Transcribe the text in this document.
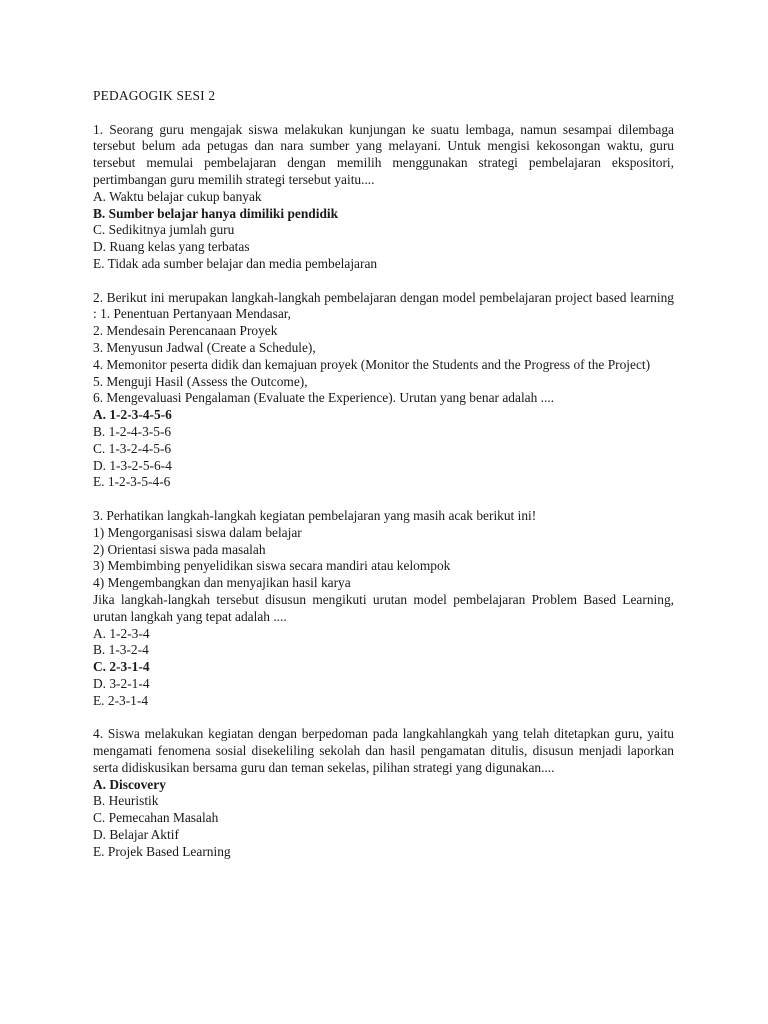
PEDAGOGIK SESI 2

1. Seorang guru mengajak siswa melakukan kunjungan ke suatu lembaga, namun sesampai dilembaga tersebut belum ada petugas dan nara sumber yang melayani. Untuk mengisi kekosongan waktu, guru tersebut memulai pembelajaran dengan memilih menggunakan strategi pembelajaran ekspositori, pertimbangan guru memilih strategi tersebut yaitu....

A. Waktu belajar cukup banyak

B. Sumber belajar hanya dimiliki pendidik

C. Sedikitnya jumlah guru

D. Ruang kelas yang terbatas

E. Tidak ada sumber belajar dan media pembelajaran

2. Berikut ini merupakan langkah-langkah pembelajaran dengan model pembelajaran project based learning : 1. Penentuan Pertanyaan Mendasar,

2. Mendesain Perencanaan Proyek

3. Menyusun Jadwal (Create a Schedule),

4. Memonitor peserta didik dan kemajuan proyek (Monitor the Students and the Progress of the Project)

5. Menguji Hasil (Assess the Outcome),

6. Mengevaluasi Pengalaman (Evaluate the Experience). Urutan yang benar adalah ....

A. 1-2-3-4-5-6

B. 1-2-4-3-5-6

C. 1-3-2-4-5-6

D. 1-3-2-5-6-4

E. 1-2-3-5-4-6

3. Perhatikan langkah-langkah kegiatan pembelajaran yang masih acak berikut ini!

1) Mengorganisasi siswa dalam belajar

2) Orientasi siswa pada masalah

3) Membimbing penyelidikan siswa secara mandiri atau kelompok

4) Mengembangkan dan menyajikan hasil karya

Jika langkah-langkah tersebut disusun mengikuti urutan model pembelajaran Problem Based Learning, urutan langkah yang tepat adalah ....

A. 1-2-3-4

B. 1-3-2-4

C. 2-3-1-4

D. 3-2-1-4

E. 2-3-1-4

4. Siswa melakukan kegiatan dengan berpedoman pada langkahlangkah yang telah ditetapkan guru, yaitu mengamati fenomena sosial disekeliling sekolah dan hasil pengamatan ditulis, disusun menjadi laporkan serta didiskusikan bersama guru dan teman sekelas, pilihan strategi yang digunakan....

A. Discovery

B. Heuristik

C. Pemecahan Masalah

D. Belajar Aktif

E. Projek Based Learning
